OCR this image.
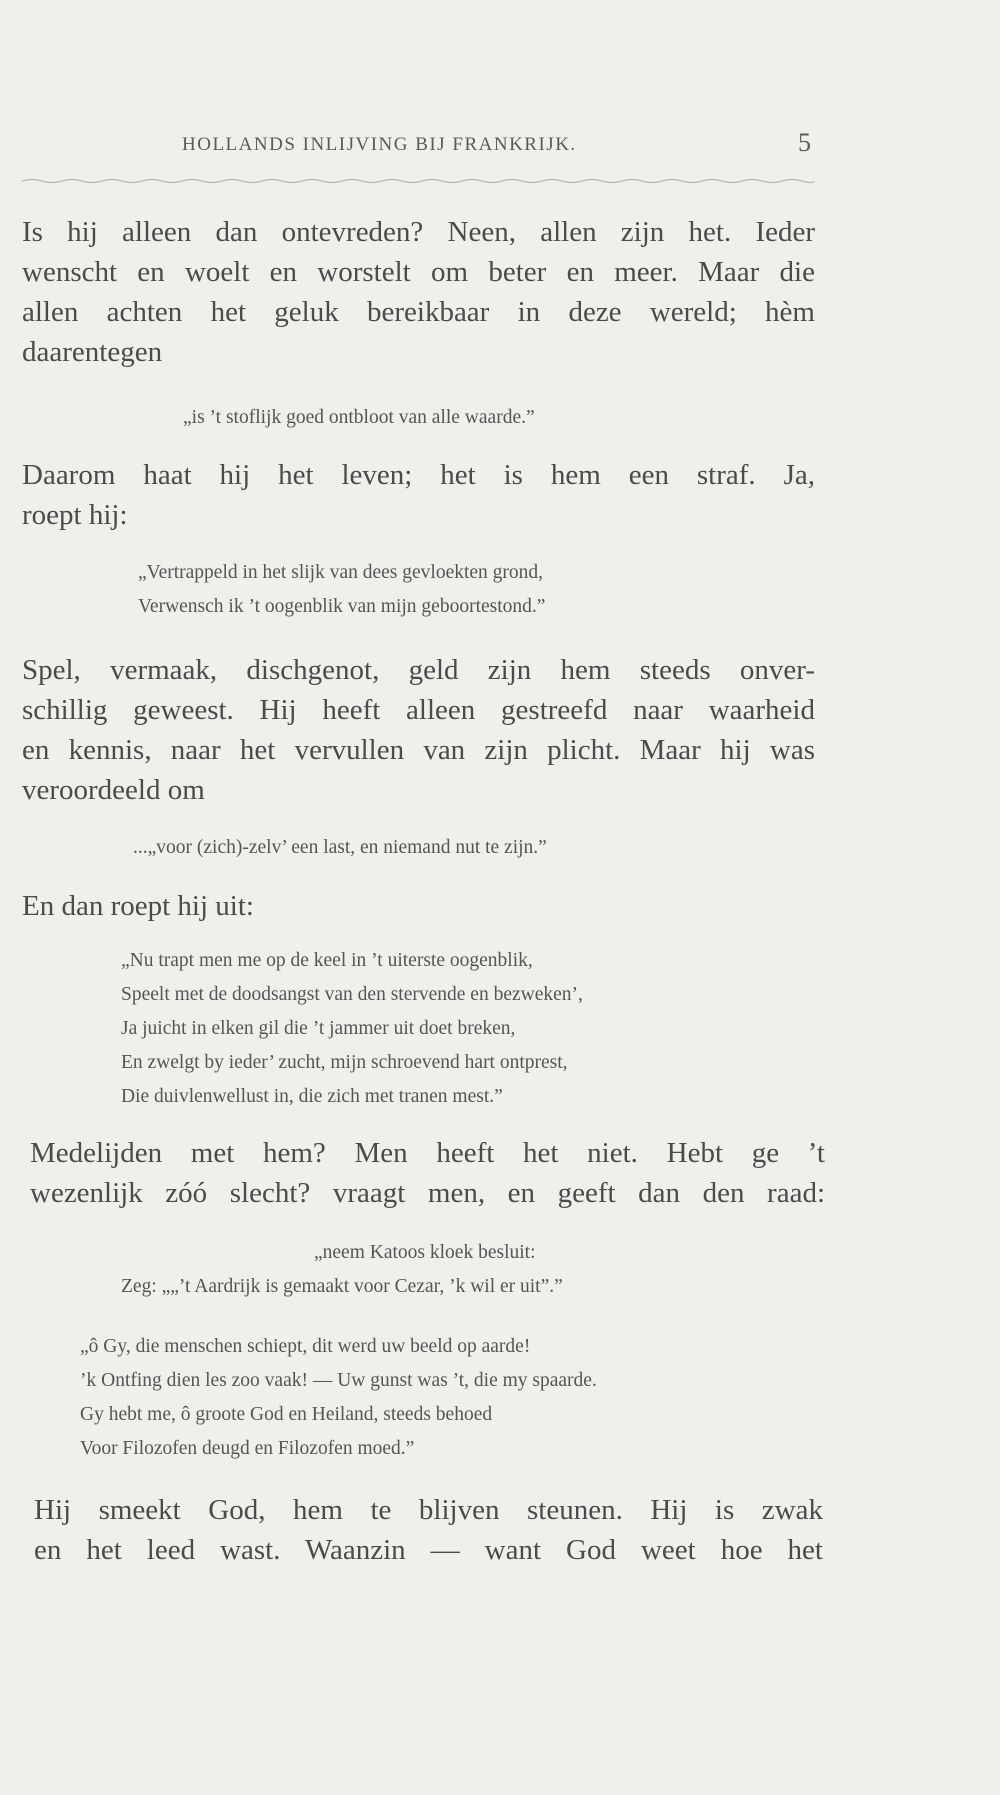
HOLLANDS INLIJVING BIJ FRANKRIJK.	5
Is hij alleen dan ontevreden? Neen, allen zijn het. Ieder
wenscht en woelt en worstelt om beter en meer. Maar die
allen achten het geluk bereikbaar in deze wereld; hèm
daarentegen
„is ’t stoflijk goed ontbloot van alle waarde.”
Daarom haat hij het leven; het is hem een straf. Ja,
roept hij:
„Vertrappeld in het slijk van dees gevloekten grond,
Verwensch ik ’t oogenblik van mijn geboortestond.”
Spel, vermaak, dischgenot, geld zijn hem steeds onver-
schillig geweest. Hij heeft alleen gestreefd naar waarheid
en kennis, naar het vervullen van zijn plicht. Maar hij was
veroordeeld om
...„voor (zich)-zelv’ een last, en niemand nut te zijn.”
En dan roept hij uit:
„Nu trapt men me op de keel in ’t uiterste oogenblik,
Speelt met de doodsangst van den stervende en bezweken’,
Ja juicht in elken gil die ’t jammer uit doet breken,
En zwelgt by ieder’ zucht, mijn schroevend hart ontprest,
Die duivlenwellust in, die zich met tranen mest.”
Medelijden met hem? Men heeft het niet. Hebt ge ’t
wezenlijk zóó slecht? vraagt men, en geeft dan den raad:
„neem Katoos kloek besluit:
Zeg: „„’t Aardrijk is gemaakt voor Cezar, ’k wil er uit”.”
„ô Gy, die menschen schiept, dit werd uw beeld op aarde!
’k Ontfing dien les zoo vaak! — Uw gunst was ’t, die my spaarde.
Gy hebt me, ô groote God en Heiland, steeds behoed
Voor Filozofen deugd en Filozofen moed.”
Hij smeekt God, hem te blijven steunen. Hij is zwak
en het leed wast. Waanzin — want God weet hoe het
